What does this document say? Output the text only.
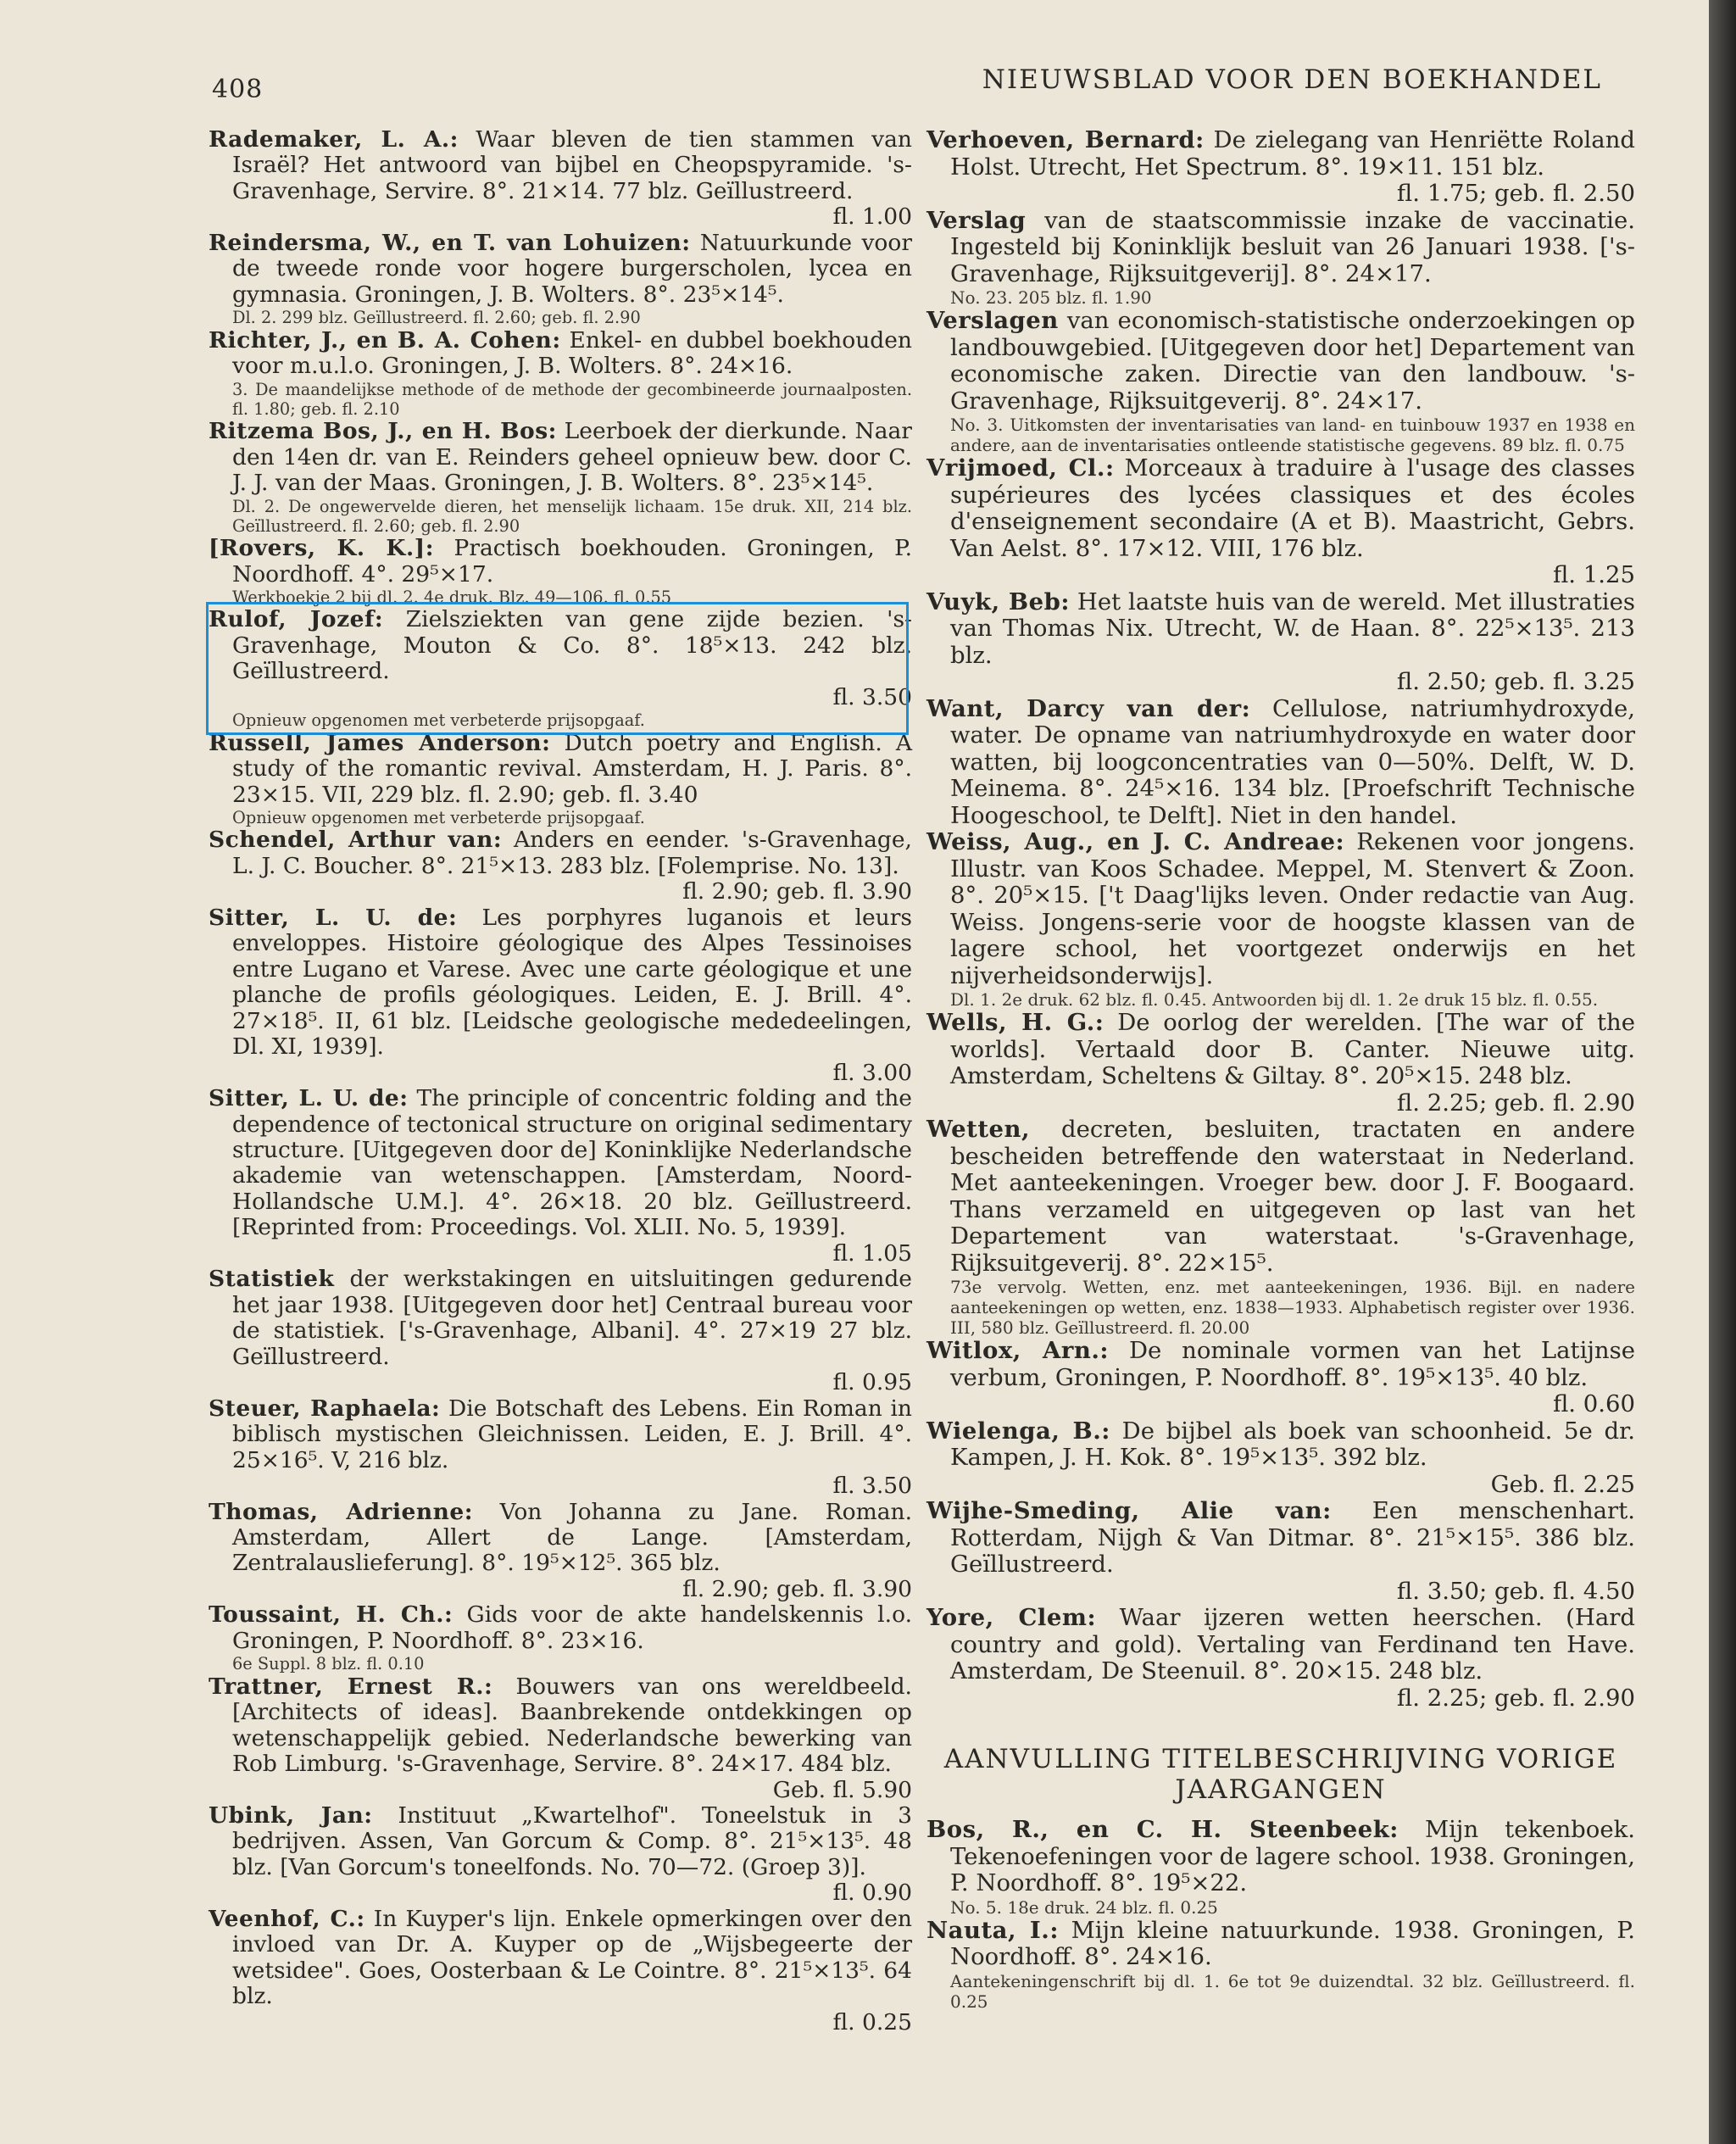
408	NIEUWSBLAD VOOR DEN BOEKHANDEL
Rademaker, L. A.: Waar bleven de tien stammen van Israël? Het antwoord van bijbel en Cheopspyramide. 's-Gravenhage, Servire. 8°. 21×14. 77 blz. Geïllustreerd.
fl. 1.00
Reindersma, W., en T. van Lohuizen: Natuurkunde voor de tweede ronde voor hogere burgerscholen, lycea en gymnasia. Groningen, J. B. Wolters. 8°. 23⁵×14⁵.
Dl. 2. 299 blz. Geïllustreerd. fl. 2.60; geb. fl. 2.90
Richter, J., en B. A. Cohen: Enkel- en dubbel boekhouden voor m.u.l.o. Groningen, J. B. Wolters. 8°. 24×16.
3. De maandelijkse methode of de methode der gecombineerde journaalposten. fl. 1.80; geb. fl. 2.10
Ritzema Bos, J., en H. Bos: Leerboek der dierkunde. Naar den 14en dr. van E. Reinders geheel opnieuw bew. door C. J. J. van der Maas. Groningen, J. B. Wolters. 8°. 23⁵×14⁵.
Dl. 2. De ongewervelde dieren, het menselijk lichaam. 15e druk. XII, 214 blz. Geïllustreerd. fl. 2.60; geb. fl. 2.90
[Rovers, K. K.]: Practisch boekhouden. Groningen, P. Noordhoff. 4°. 29⁵×17.
Werkboekje 2 bij dl. 2. 4e druk. Blz. 49—106. fl. 0.55
Rulof, Jozef: Zielsziekten van gene zijde bezien. 's-Gravenhage, Mouton & Co. 8°. 18⁵×13. 242 blz. Geïllustreerd.
fl. 3.50
Opnieuw opgenomen met verbeterde prijsopgaaf.
Russell, James Anderson: Dutch poetry and English. A study of the romantic revival. Amsterdam, H. J. Paris. 8°. 23×15. VII, 229 blz. fl. 2.90; geb. fl. 3.40
Opnieuw opgenomen met verbeterde prijsopgaaf.
Schendel, Arthur van: Anders en eender. 's-Gravenhage, L. J. C. Boucher. 8°. 21⁵×13. 283 blz. [Folemprise. No. 13].
fl. 2.90; geb. fl. 3.90
Sitter, L. U. de: Les porphyres luganois et leurs enveloppes. Histoire géologique des Alpes Tessinoises entre Lugano et Varese. Avec une carte géologique et une planche de profils géologiques. Leiden, E. J. Brill. 4°. 27×18⁵. II, 61 blz. [Leidsche geologische mededeelingen, Dl. XI, 1939].
fl. 3.00
Sitter, L. U. de: The principle of concentric folding and the dependence of tectonical structure on original sedimentary structure. [Uitgegeven door de] Koninklijke Nederlandsche akademie van wetenschappen. [Amsterdam, Noord-Hollandsche U.M.]. 4°. 26×18. 20 blz. Geïllustreerd. [Reprinted from: Proceedings. Vol. XLII. No. 5, 1939].
fl. 1.05
Statistiek der werkstakingen en uitsluitingen gedurende het jaar 1938. [Uitgegeven door het] Centraal bureau voor de statistiek. ['s-Gravenhage, Albani]. 4°. 27×19 27 blz. Geïllustreerd.
fl. 0.95
Steuer, Raphaela: Die Botschaft des Lebens. Ein Roman in biblisch mystischen Gleichnissen. Leiden, E. J. Brill. 4°. 25×16⁵. V, 216 blz.
fl. 3.50
Thomas, Adrienne: Von Johanna zu Jane. Roman. Amsterdam, Allert de Lange. [Amsterdam, Zentralauslieferung]. 8°. 19⁵×12⁵. 365 blz.
fl. 2.90; geb. fl. 3.90
Toussaint, H. Ch.: Gids voor de akte handelskennis l.o. Groningen, P. Noordhoff. 8°. 23×16.
6e Suppl. 8 blz. fl. 0.10
Trattner, Ernest R.: Bouwers van ons wereldbeeld. [Architects of ideas]. Baanbrekende ontdekkingen op wetenschappelijk gebied. Nederlandsche bewerking van Rob Limburg. 's-Gravenhage, Servire. 8°. 24×17. 484 blz.
Geb. fl. 5.90
Ubink, Jan: Instituut „Kwartelhof". Toneelstuk in 3 bedrijven. Assen, Van Gorcum & Comp. 8°. 21⁵×13⁵. 48 blz. [Van Gorcum's toneelfonds. No. 70—72. (Groep 3)].
fl. 0.90
Veenhof, C.: In Kuyper's lijn. Enkele opmerkingen over den invloed van Dr. A. Kuyper op de „Wijsbegeerte der wetsidee". Goes, Oosterbaan & Le Cointre. 8°. 21⁵×13⁵. 64 blz.
fl. 0.25
Verhoeven, Bernard: De zielegang van Henriëtte Roland Holst. Utrecht, Het Spectrum. 8°. 19×11. 151 blz.
fl. 1.75; geb. fl. 2.50
Verslag van de staatscommissie inzake de vaccinatie. Ingesteld bij Koninklijk besluit van 26 Januari 1938. ['s-Gravenhage, Rijksuitgeverij]. 8°. 24×17.
No. 23. 205 blz. fl. 1.90
Verslagen van economisch-statistische onderzoekingen op landbouwgebied. [Uitgegeven door het] Departement van economische zaken. Directie van den landbouw. 's-Gravenhage, Rijksuitgeverij. 8°. 24×17.
No. 3. Uitkomsten der inventarisaties van land- en tuinbouw 1937 en 1938 en andere, aan de inventarisaties ontleende statistische gegevens. 89 blz. fl. 0.75
Vrijmoed, Cl.: Morceaux à traduire à l'usage des classes supérieures des lycées classiques et des écoles d'enseignement secondaire (A et B). Maastricht, Gebrs. Van Aelst. 8°. 17×12. VIII, 176 blz.
fl. 1.25
Vuyk, Beb: Het laatste huis van de wereld. Met illustraties van Thomas Nix. Utrecht, W. de Haan. 8°. 22⁵×13⁵. 213 blz.
fl. 2.50; geb. fl. 3.25
Want, Darcy van der: Cellulose, natriumhydroxyde, water. De opname van natriumhydroxyde en water door watten, bij loogconcentraties van 0—50%. Delft, W. D. Meinema. 8°. 24⁵×16. 134 blz. [Proefschrift Technische Hoogeschool, te Delft]. Niet in den handel.
Weiss, Aug., en J. C. Andreae: Rekenen voor jongens. Illustr. van Koos Schadee. Meppel, M. Stenvert & Zoon. 8°. 20⁵×15. ['t Daag'lijks leven. Onder redactie van Aug. Weiss. Jongens-serie voor de hoogste klassen van de lagere school, het voortgezet onderwijs en het nijverheidsonderwijs].
Dl. 1. 2e druk. 62 blz. fl. 0.45. Antwoorden bij dl. 1. 2e druk 15 blz. fl. 0.55.
Wells, H. G.: De oorlog der werelden. [The war of the worlds]. Vertaald door B. Canter. Nieuwe uitg. Amsterdam, Scheltens & Giltay. 8°. 20⁵×15. 248 blz.
fl. 2.25; geb. fl. 2.90
Wetten, decreten, besluiten, tractaten en andere bescheiden betreffende den waterstaat in Nederland. Met aanteekeningen. Vroeger bew. door J. F. Boogaard. Thans verzameld en uitgegeven op last van het Departement van waterstaat. 's-Gravenhage, Rijksuitgeverij. 8°. 22×15⁵.
73e vervolg. Wetten, enz. met aanteekeningen, 1936. Bijl. en nadere aanteekeningen op wetten, enz. 1838—1933. Alphabetisch register over 1936. III, 580 blz. Geïllustreerd. fl. 20.00
Witlox, Arn.: De nominale vormen van het Latijnse verbum, Groningen, P. Noordhoff. 8°. 19⁵×13⁵. 40 blz.
fl. 0.60
Wielenga, B.: De bijbel als boek van schoonheid. 5e dr. Kampen, J. H. Kok. 8°. 19⁵×13⁵. 392 blz.
Geb. fl. 2.25
Wijhe-Smeding, Alie van: Een menschenhart. Rotterdam, Nijgh & Van Ditmar. 8°. 21⁵×15⁵. 386 blz. Geïllustreerd.
fl. 3.50; geb. fl. 4.50
Yore, Clem: Waar ijzeren wetten heerschen. (Hard country and gold). Vertaling van Ferdinand ten Have. Amsterdam, De Steenuil. 8°. 20×15. 248 blz.
fl. 2.25; geb. fl. 2.90
AANVULLING TITELBESCHRIJVING VORIGE JAARGANGEN
Bos, R., en C. H. Steenbeek: Mijn tekenboek. Tekenoefeningen voor de lagere school. 1938. Groningen, P. Noordhoff. 8°. 19⁵×22.
No. 5. 18e druk. 24 blz. fl. 0.25
Nauta, I.: Mijn kleine natuurkunde. 1938. Groningen, P. Noordhoff. 8°. 24×16.
Aantekeningenschrift bij dl. 1. 6e tot 9e duizendtal. 32 blz. Geïllustreerd. fl. 0.25
